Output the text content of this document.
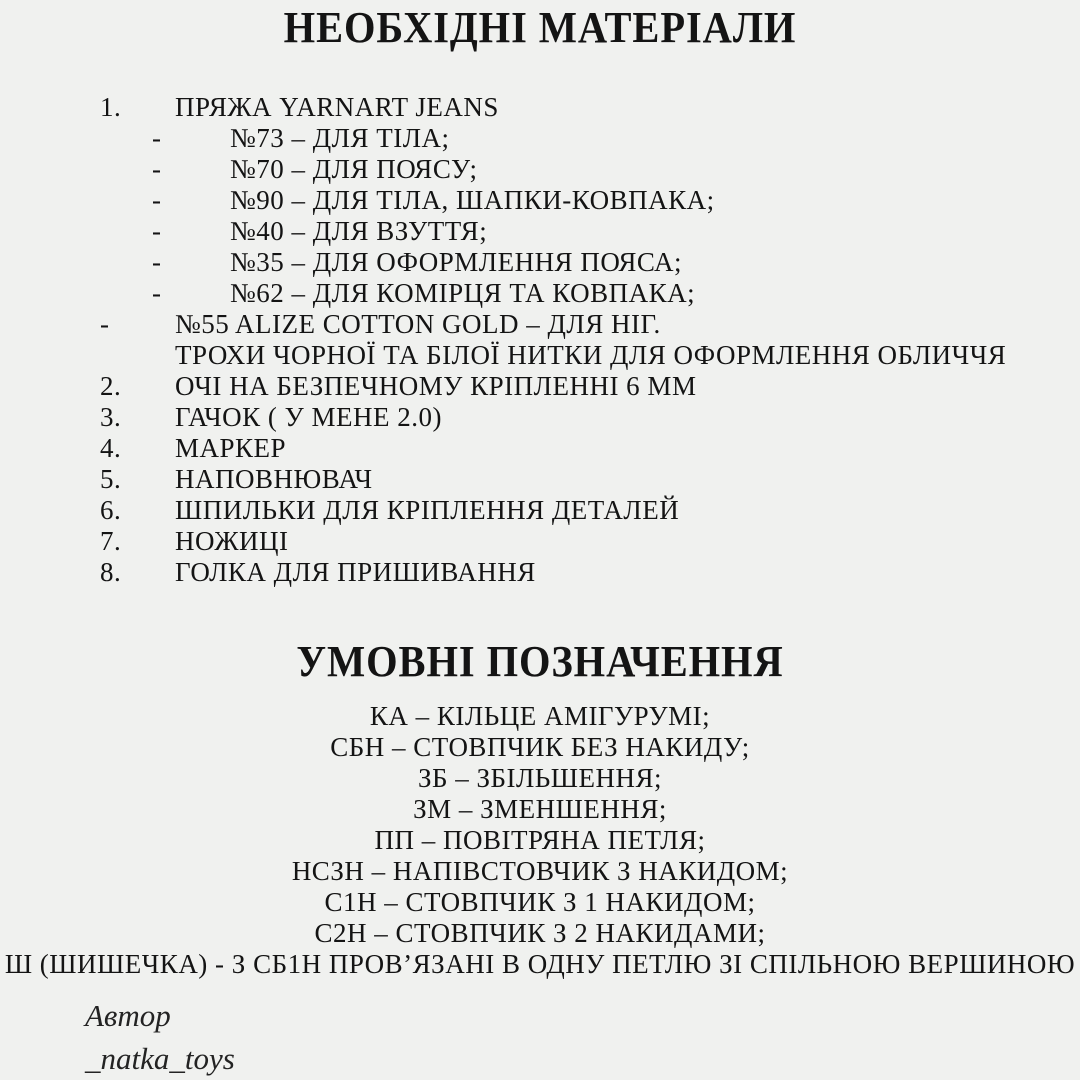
НЕОБХІДНІ МАТЕРІАЛИ
1.	ПРЯЖА YARNART JEANS
-	№73 – ДЛЯ ТІЛА;
-	№70 – ДЛЯ ПОЯСУ;
-	№90 – ДЛЯ ТІЛА, ШАПКИ-КОВПАКА;
-	№40 – ДЛЯ ВЗУТТЯ;
-	№35 – ДЛЯ ОФОРМЛЕННЯ ПОЯСА;
-	№62 – ДЛЯ КОМІРЦЯ ТА КОВПАКА;
-	№55 ALIZE COTTON GOLD – ДЛЯ НІГ.
ТРОХИ ЧОРНОЇ ТА БІЛОЇ НИТКИ ДЛЯ ОФОРМЛЕННЯ ОБЛИЧЧЯ
2.	ОЧІ НА БЕЗПЕЧНОМУ КРІПЛЕННІ 6 ММ
3.	ГАЧОК ( У МЕНЕ 2.0)
4.	МАРКЕР
5.	НАПОВНЮВАЧ
6.	ШПИЛЬКИ ДЛЯ КРІПЛЕННЯ ДЕТАЛЕЙ
7.	НОЖИЦІ
8.	ГОЛКА ДЛЯ ПРИШИВАННЯ
УМОВНІ ПОЗНАЧЕННЯ
КА – КІЛЬЦЕ АМІГУРУМІ;
СБН – СТОВПЧИК БЕЗ НАКИДУ;
ЗБ – ЗБІЛЬШЕННЯ;
ЗМ – ЗМЕНШЕННЯ;
ПП – ПОВІТРЯНА ПЕТЛЯ;
НСЗН – НАПІВСТОВЧИК З НАКИДОМ;
С1Н – СТОВПЧИК З 1 НАКИДОМ;
С2Н – СТОВПЧИК З 2 НАКИДАМИ;
Ш (ШИШЕЧКА) - З СБ1Н ПРОВ’ЯЗАНІ В ОДНУ ПЕТЛЮ ЗІ СПІЛЬНОЮ ВЕРШИНОЮ
Автор
_natka_toys
